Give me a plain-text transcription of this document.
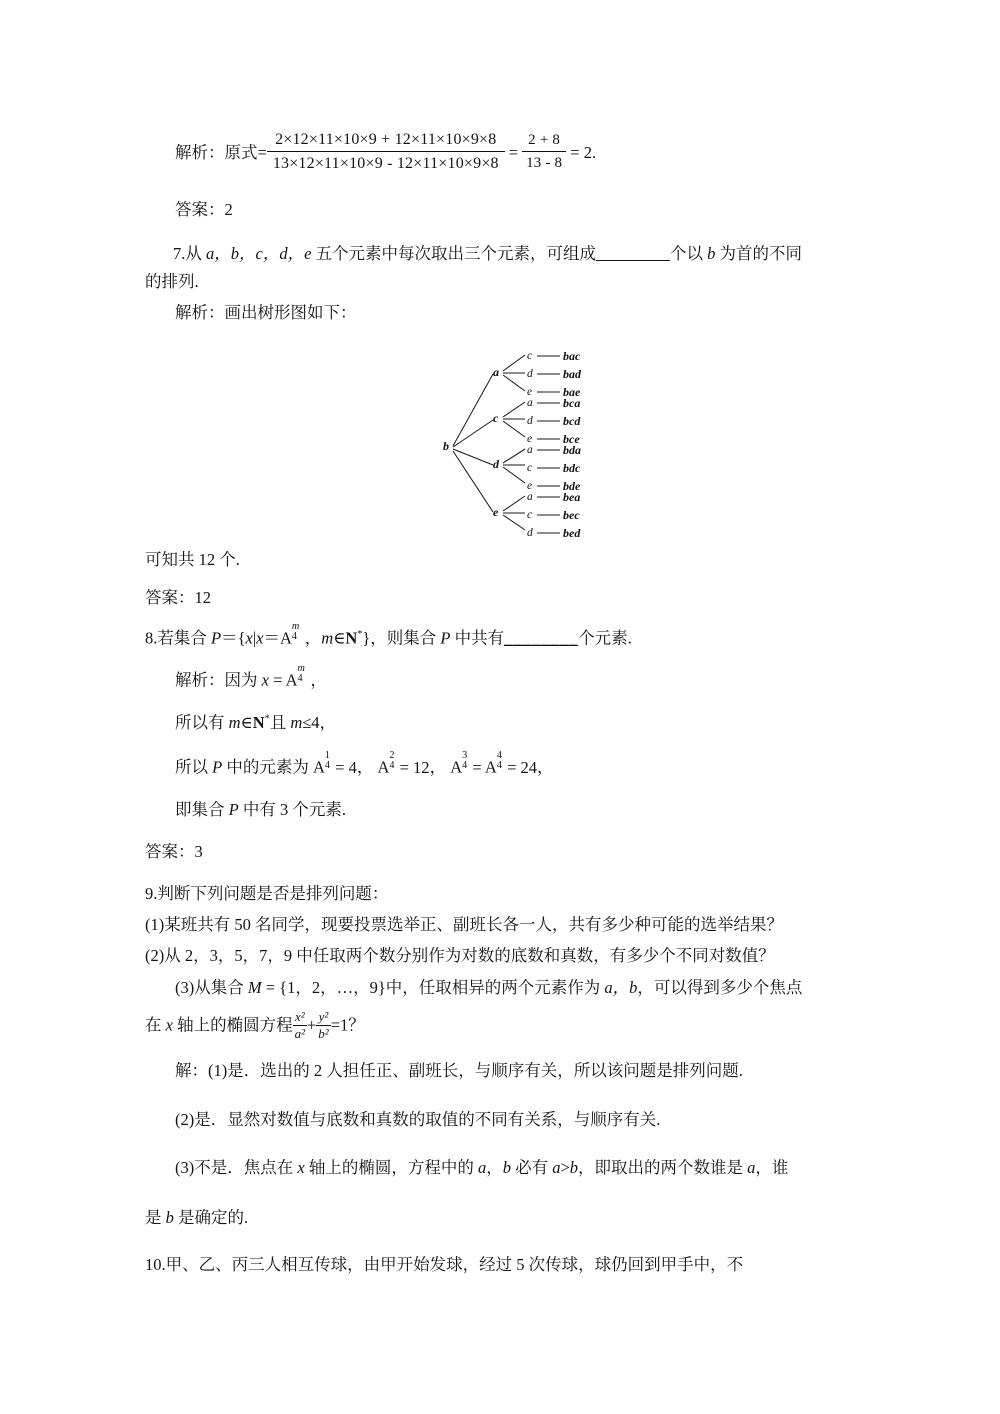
解析：原式= $\frac{2\times 12\times 11\times 10\times 9 + 12\times 11\times 10\times 9\times 8}{13\times 12\times 11\times 10\times 9 - 12\times 11\times 10\times 9\times 8} = \frac{2 + 8}{13 - 8} = 2$.
答案：2
7.从 a，b，c，d，e 五个元素中每次取出三个元素，可组成________个以 b 为首的不同
的排列.
解析：画出树形图如下：
b
a
c
d
e
bac
bad
bae
c
a
d
e
bca
bcd
bce
d
a
c
e
bda
bdc
bde
e
a
c
d
bea
bec
bed
可知共 12 个.
答案：12
8.若集合 P＝{x|x＝A
m
4 ，m∈N*}，则集合 P 中共有________个元素.
解析：因为 x = A
m
4 ，
所以有 m∈N*且 m≤4，
所以 P 中的元素为 A
1
4 = 4， A
2
4 = 12， A
3
4 = A
4
4 = 24，
即集合 P 中有 3 个元素.
答案：3
9.判断下列问题是否是排列问题：
(1)某班共有 50 名同学，现要投票选举正、副班长各一人，共有多少种可能的选举结果？
(2)从 2，3，5，7，9 中任取两个数分别作为对数的底数和真数，有多少个不同对数值？
(3)从集合 M = {1，2，…，9}中，任取相异的两个元素作为 a，b，可以得到多少个焦点
在 x 轴上的椭圆方程 x²
a² + y²
b² =1？
解：(1)是．选出的 2 人担任正、副班长，与顺序有关，所以该问题是排列问题.
(2)是．显然对数值与底数和真数的取值的不同有关系，与顺序有关.
(3)不是．焦点在 x 轴上的椭圆，方程中的 a，b 必有 a>b，即取出的两个数谁是 a，谁
是 b 是确定的.
10.甲、乙、丙三人相互传球，由甲开始发球，经过 5 次传球，球仍回到甲手中，不
